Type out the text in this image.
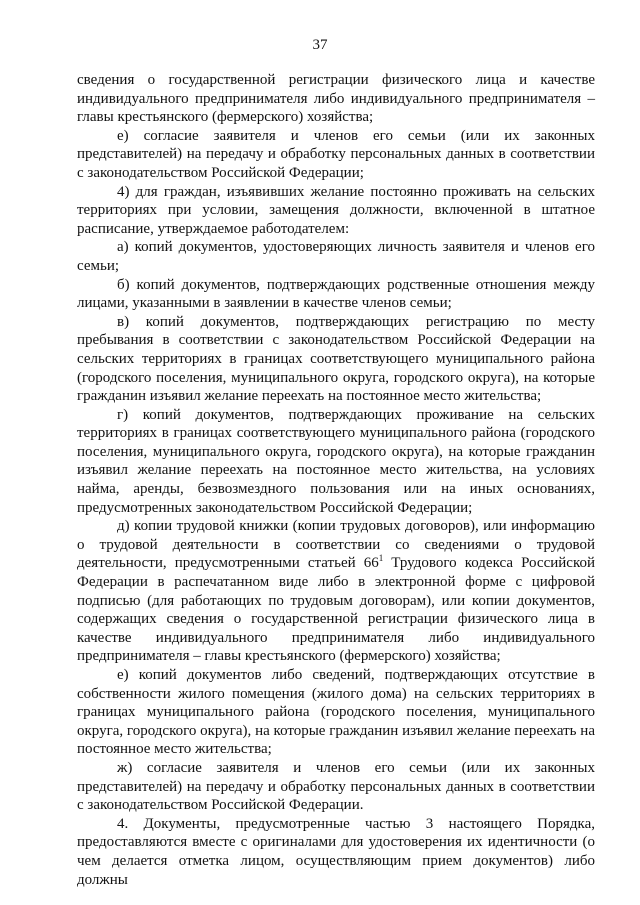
37

сведения о государственной регистрации физического лица и качестве индивидуального предпринимателя либо индивидуального предпринимателя – главы крестьянского (фермерского) хозяйства;

е) согласие заявителя и членов его семьи (или их законных представителей) на передачу и обработку персональных данных в соответствии с законодательством Российской Федерации;

4) для граждан, изъявивших желание постоянно проживать на сельских территориях при условии, замещения должности, включенной в штатное расписание, утверждаемое работодателем:

а) копий документов, удостоверяющих личность заявителя и членов его семьи;

б) копий документов, подтверждающих родственные отношения между лицами, указанными в заявлении в качестве членов семьи;

в) копий документов, подтверждающих регистрацию по месту пребывания в соответствии с законодательством Российской Федерации на сельских территориях в границах соответствующего муниципального района (городского поселения, муниципального округа, городского округа), на которые гражданин изъявил желание переехать на постоянное место жительства;

г) копий документов, подтверждающих проживание на сельских территориях в границах соответствующего муниципального района (городского поселения, муниципального округа, городского округа), на которые гражданин изъявил желание переехать на постоянное место жительства, на условиях найма, аренды, безвозмездного пользования или на иных основаниях, предусмотренных законодательством Российской Федерации;

д) копии трудовой книжки (копии трудовых договоров), или информацию о трудовой деятельности в соответствии со сведениями о трудовой деятельности, предусмотренными статьей $66^1$ Трудового кодекса Российской Федерации в распечатанном виде либо в электронной форме с цифровой подписью (для работающих по трудовым договорам), или копии документов, содержащих сведения о государственной регистрации физического лица в качестве индивидуального предпринимателя либо индивидуального предпринимателя – главы крестьянского (фермерского) хозяйства;

е) копий документов либо сведений, подтверждающих отсутствие в собственности жилого помещения (жилого дома) на сельских территориях в границах муниципального района (городского поселения, муниципального округа, городского округа), на которые гражданин изъявил желание переехать на постоянное место жительства;

ж) согласие заявителя и членов его семьи (или их законных представителей) на передачу и обработку персональных данных в соответствии с законодательством Российской Федерации.

4. Документы, предусмотренные частью 3 настоящего Порядка, предоставляются вместе с оригиналами для удостоверения их идентичности (о чем делается отметка лицом, осуществляющим прием документов) либо должны
